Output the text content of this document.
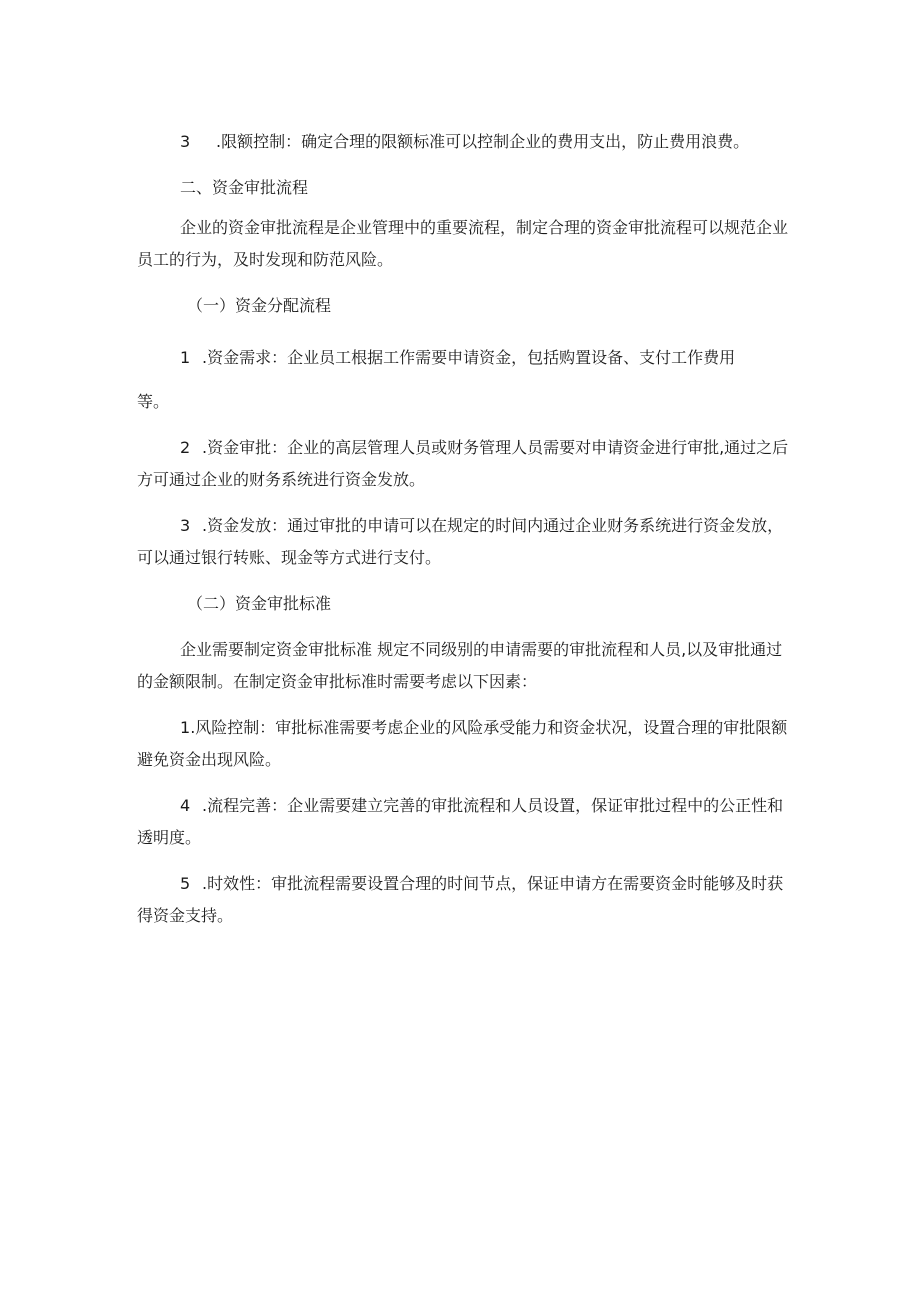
3 .限额控制：确定合理的限额标准可以控制企业的费用支出，防止费用浪费。

二、资金审批流程

企业的资金审批流程是企业管理中的重要流程，制定合理的资金审批流程可以规范企业员工的行为，及时发现和防范风险。

（一）资金分配流程

1 .资金需求：企业员工根据工作需要申请资金，包括购置设备、支付工作费用

等。

2 .资金审批：企业的高层管理人员或财务管理人员需要对申请资金进行审批,通过之后方可通过企业的财务系统进行资金发放。

3 .资金发放：通过审批的申请可以在规定的时间内通过企业财务系统进行资金发放，可以通过银行转账、现金等方式进行支付。

（二）资金审批标准

企业需要制定资金审批标准 规定不同级别的申请需要的审批流程和人员,以及审批通过的金额限制。在制定资金审批标准时需要考虑以下因素：

1.风险控制：审批标准需要考虑企业的风险承受能力和资金状况，设置合理的审批限额避免资金出现风险。

4 .流程完善：企业需要建立完善的审批流程和人员设置，保证审批过程中的公正性和透明度。

5 .时效性：审批流程需要设置合理的时间节点，保证申请方在需要资金时能够及时获得资金支持。
